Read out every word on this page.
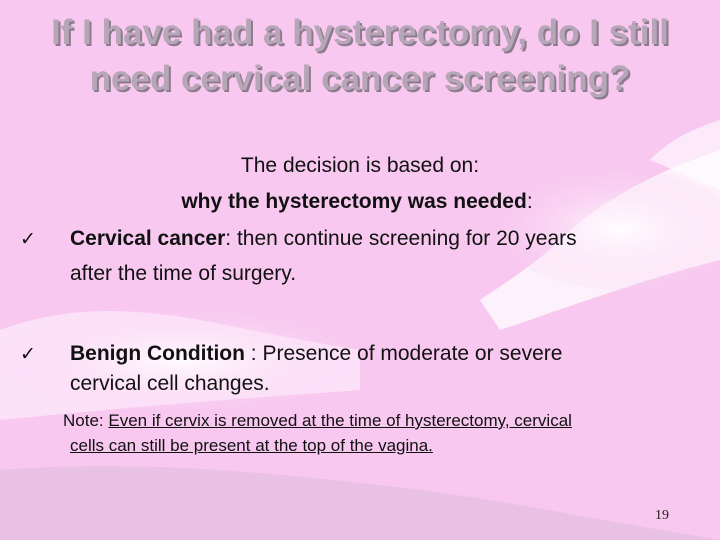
If I have had a hysterectomy, do I still need cervical cancer screening?
The decision is based on:
why the hysterectomy was needed:
✓ Cervical cancer: then continue screening for 20 years
after the time of surgery.
✓ Benign Condition : Presence of moderate or severe
cervical cell changes.
Note: Even if cervix is removed at the time of hysterectomy, cervical
cells can still be present at the top of the vagina.
19
